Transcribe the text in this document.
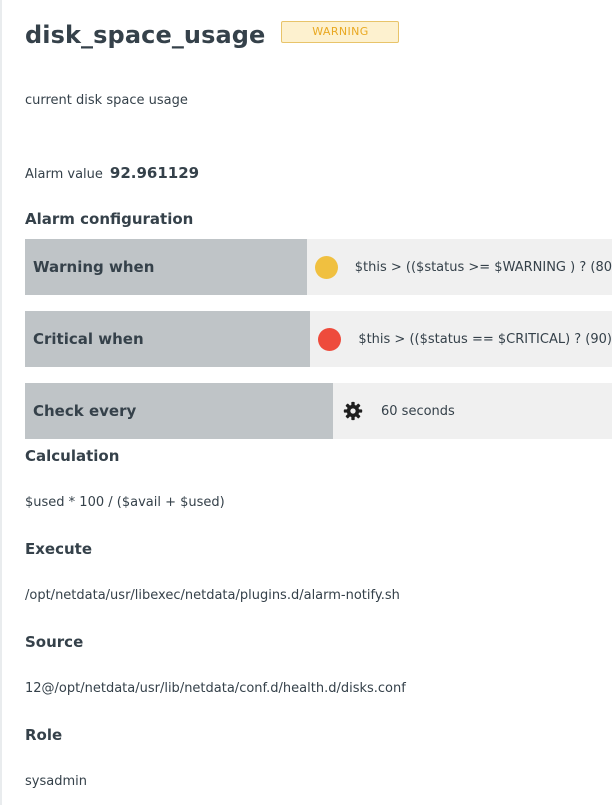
disk_space_usage	WARNING
current disk space usage
Alarm value 92.961129
Alarm configuration
Warning when	$this > (($status >= $WARNING ) ? (80
Critical when	$this > (($status == $CRITICAL) ? (90)
Check every	60 seconds
Calculation
$used * 100 / ($avail + $used)
Execute
/opt/netdata/usr/libexec/netdata/plugins.d/alarm-notify.sh
Source
12@/opt/netdata/usr/lib/netdata/conf.d/health.d/disks.conf
Role
sysadmin
